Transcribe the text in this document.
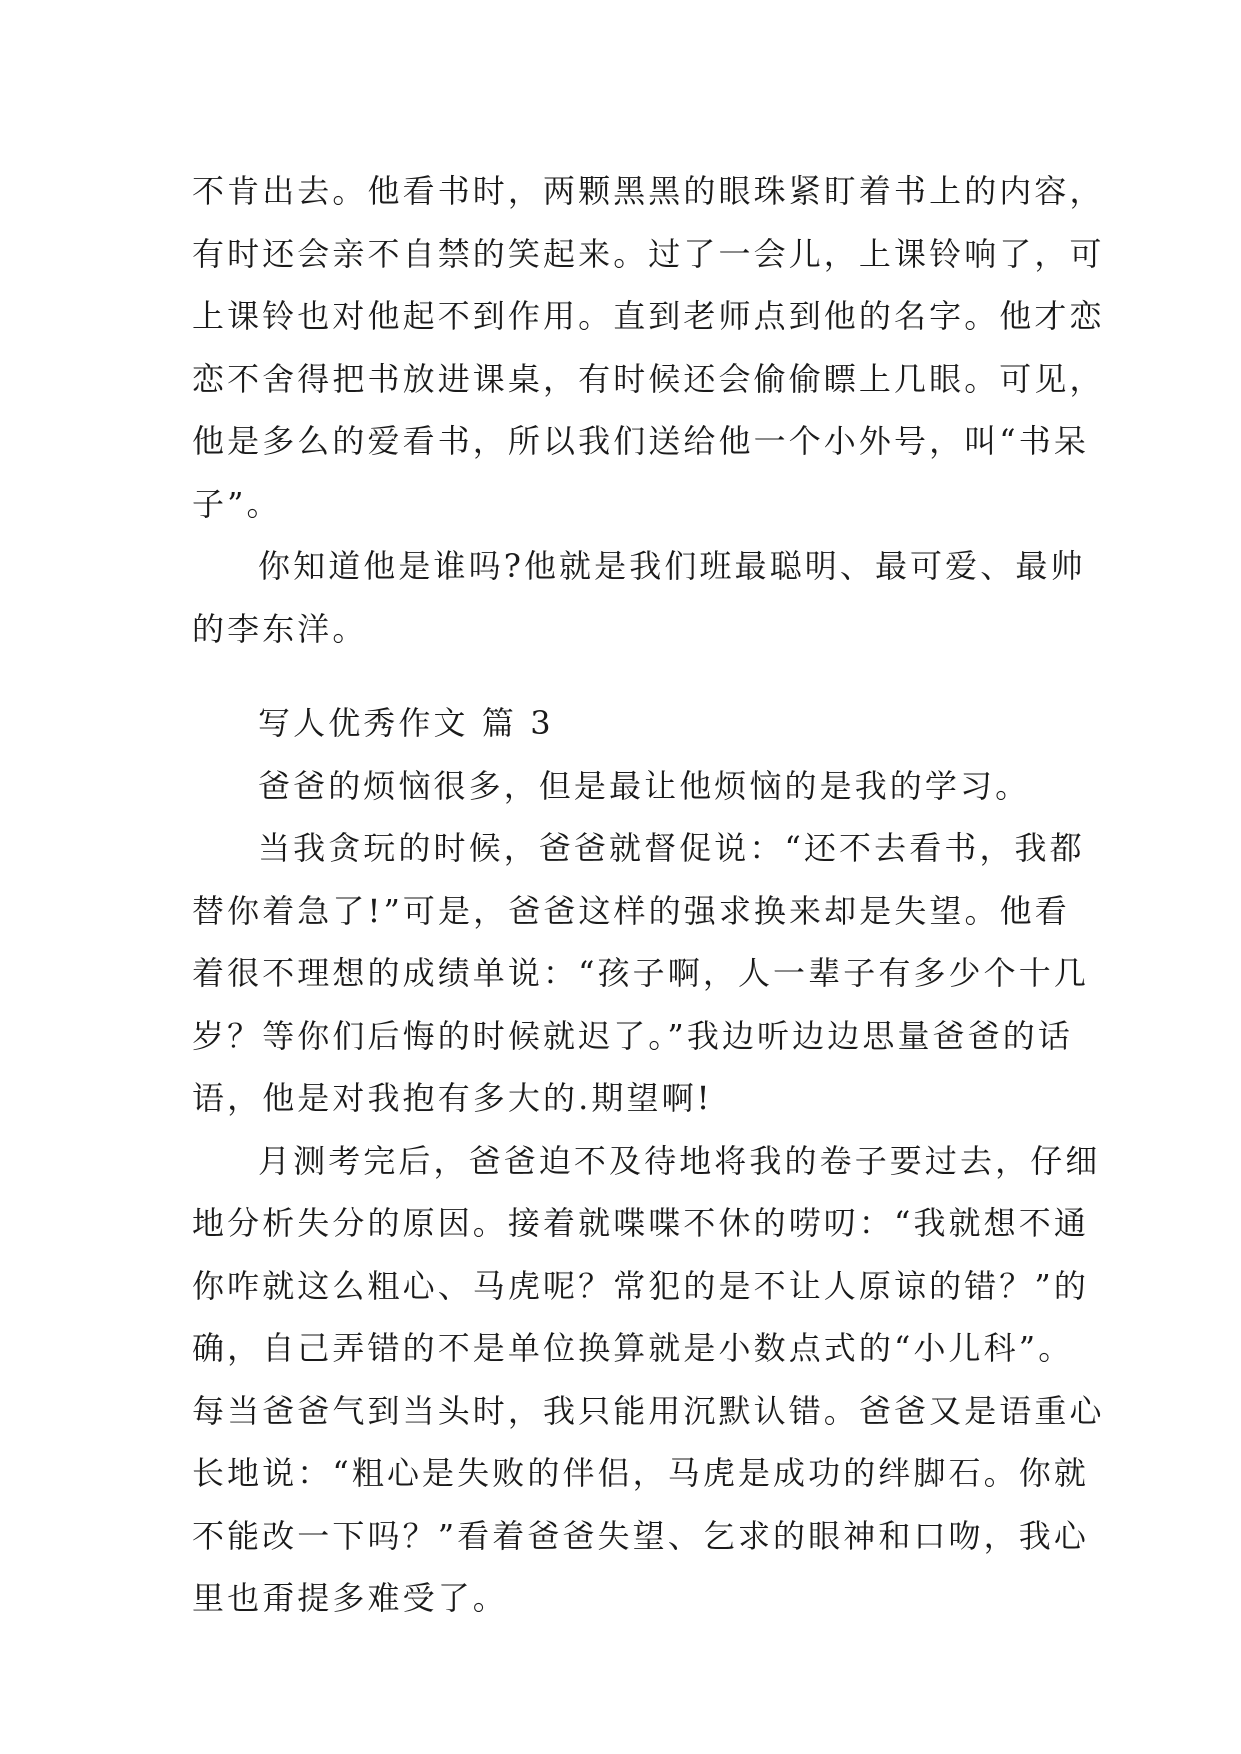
不肯出去。他看书时，两颗黑黑的眼珠紧盯着书上的内容，
有时还会亲不自禁的笑起来。过了一会儿，上课铃响了，可
上课铃也对他起不到作用。直到老师点到他的名字。他才恋
恋不舍得把书放进课桌，有时候还会偷偷瞟上几眼。可见，
他是多么的爱看书，所以我们送给他一个小外号，叫“书呆
子”。
你知道他是谁吗?他就是我们班最聪明、最可爱、最帅
的李东洋。
写人优秀作文 篇 3
爸爸的烦恼很多，但是最让他烦恼的是我的学习。
当我贪玩的时候，爸爸就督促说：“还不去看书，我都
替你着急了!”可是，爸爸这样的强求换来却是失望。他看
着很不理想的成绩单说：“孩子啊，人一辈子有多少个十几
岁？等你们后悔的时候就迟了。”我边听边边思量爸爸的话
语，他是对我抱有多大的.期望啊!
月测考完后，爸爸迫不及待地将我的卷子要过去，仔细
地分析失分的原因。接着就喋喋不休的唠叨：“我就想不通
你咋就这么粗心、马虎呢？常犯的是不让人原谅的错？”的
确，自己弄错的不是单位换算就是小数点式的“小儿科”。
每当爸爸气到当头时，我只能用沉默认错。爸爸又是语重心
长地说：“粗心是失败的伴侣，马虎是成功的绊脚石。你就
不能改一下吗？”看着爸爸失望、乞求的眼神和口吻，我心
里也甭提多难受了。
